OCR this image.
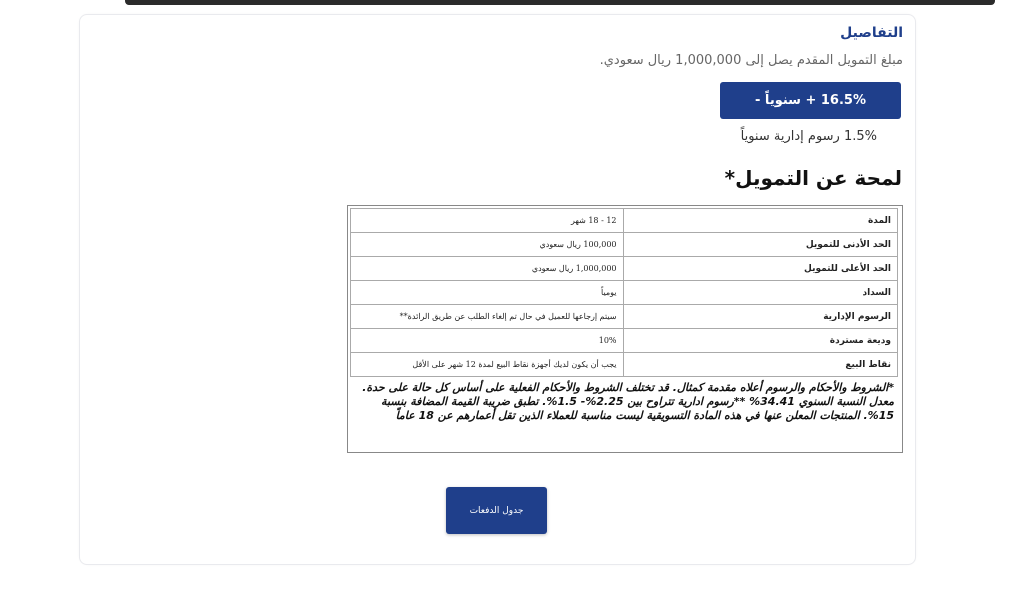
التفاصيل
مبلغ التمويل المقدم يصل إلى 1,000,000 ريال سعودي.
16.5% + سنوياً -
1.5% رسوم إدارية سنوياً
لمحة عن التمويل*
المدة	12 - 18 شهر
الحد الأدنى للتمويل	100,000 ريال سعودي
الحد الأعلى للتمويل	1,000,000 ريال سعودي
السداد	يومياً
الرسوم الإدارية	سيتم إرجاعها للعميل في حال تم إلغاء الطلب عن طريق الرائدة**
وديعة مستردة	10%
نقاط البيع	يجب أن يكون لديك أجهزة نقاط البيع لمدة 12 شهر على الأقل
*الشروط والأحكام والرسوم أعلاه مقدمة كمثال. قد تختلف الشروط والأحكام الفعلية على أساس كل حالة على حدة. معدل النسبة السنوي 34.41% **رسوم ادارية تتراوح بين 2.25%- 1.5%. تطبق ضريبة القيمة المضافة بنسبة 15%. المنتجات المعلن عنها في هذه المادة التسويقية ليست مناسبة للعملاء الذين تقل أعمارهم عن 18 عاماً
جدول الدفعات
